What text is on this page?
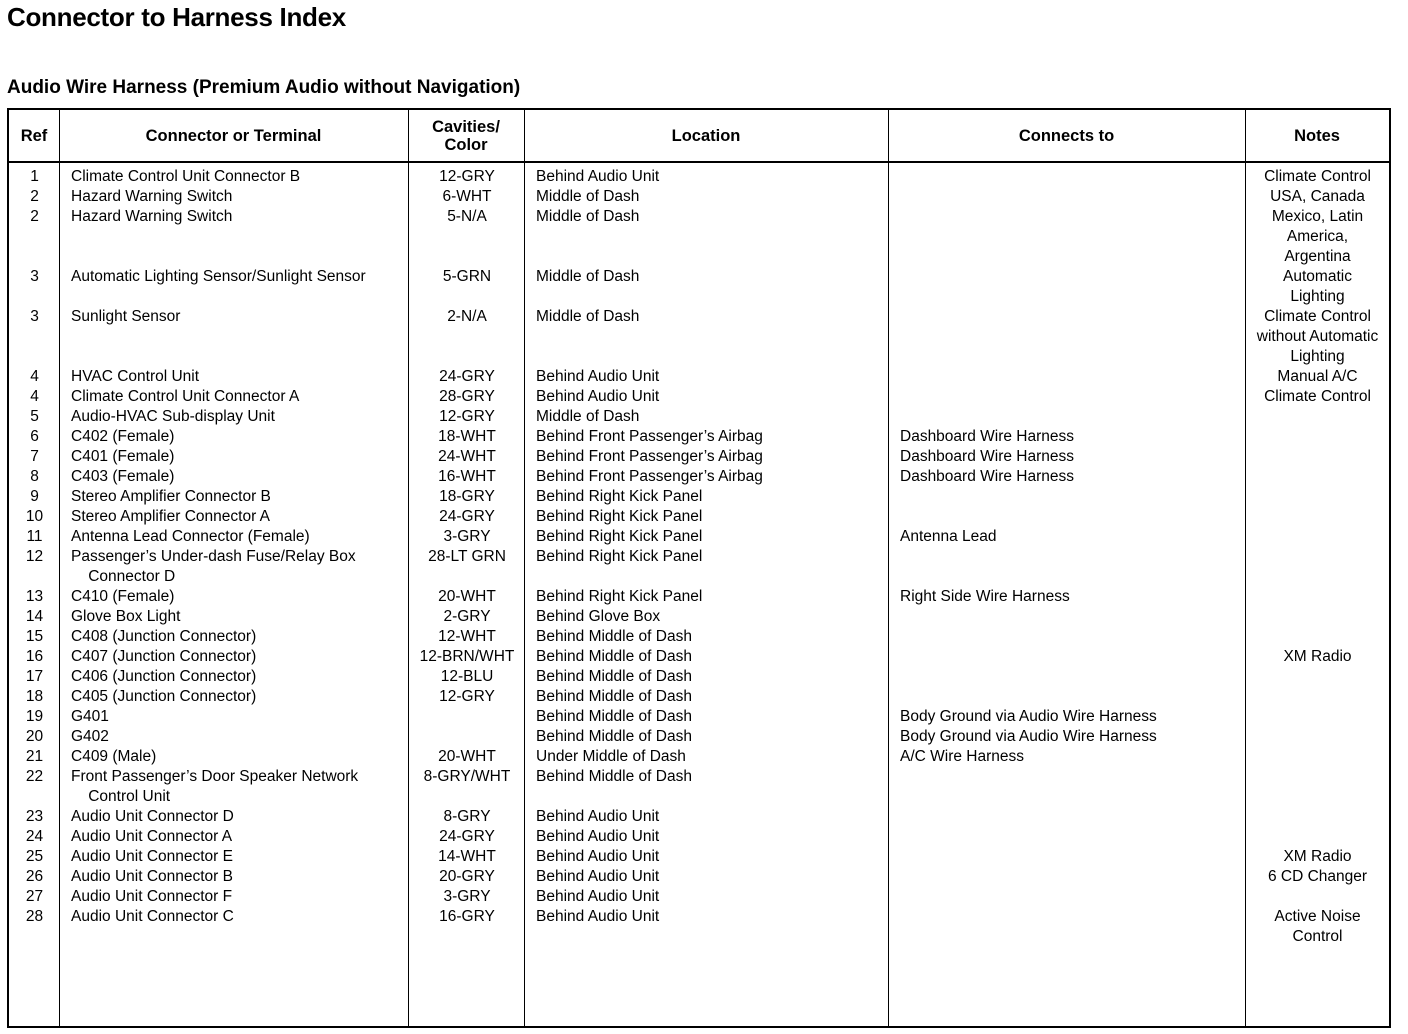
Connector to Harness Index
Audio Wire Harness (Premium Audio without Navigation)
Ref	Connector or Terminal	Cavities/
Color	Location	Connects to	Notes
1	Climate Control Unit Connector B	12-GRY	Behind Audio Unit		Climate Control
2	Hazard Warning Switch	6-WHT	Middle of Dash		USA, Canada
2	Hazard Warning Switch	5-N/A	Middle of Dash		Mexico, Latin
America,
Argentina
3	Automatic Lighting Sensor/Sunlight Sensor	5-GRN	Middle of Dash		Automatic
Lighting
3	Sunlight Sensor	2-N/A	Middle of Dash		Climate Control
without Automatic
Lighting
4	HVAC Control Unit	24-GRY	Behind Audio Unit		Manual A/C
4	Climate Control Unit Connector A	28-GRY	Behind Audio Unit		Climate Control
5	Audio-HVAC Sub-display Unit	12-GRY	Middle of Dash		
6	C402 (Female)	18-WHT	Behind Front Passenger’s Airbag	Dashboard Wire Harness	
7	C401 (Female)	24-WHT	Behind Front Passenger’s Airbag	Dashboard Wire Harness	
8	C403 (Female)	16-WHT	Behind Front Passenger’s Airbag	Dashboard Wire Harness	
9	Stereo Amplifier Connector B	18-GRY	Behind Right Kick Panel		
10	Stereo Amplifier Connector A	24-GRY	Behind Right Kick Panel		
11	Antenna Lead Connector (Female)	3-GRY	Behind Right Kick Panel	Antenna Lead	
12	Passenger’s Under-dash Fuse/Relay Box
Connector D	28-LT GRN	Behind Right Kick Panel		
13	C410 (Female)	20-WHT	Behind Right Kick Panel	Right Side Wire Harness	

14	Glove Box Light	2-GRY	Behind Glove Box		
15	C408 (Junction Connector)	12-WHT	Behind Middle of Dash		
16	C407 (Junction Connector)	12-BRN/WHT	Behind Middle of Dash		XM Radio
17	C406 (Junction Connector)	12-BLU	Behind Middle of Dash		
18	C405 (Junction Connector)	12-GRY	Behind Middle of Dash		
19	G401		Behind Middle of Dash	Body Ground via Audio Wire Harness	
20	G402		Behind Middle of Dash	Body Ground via Audio Wire Harness	
21	C409 (Male)	20-WHT	Under Middle of Dash	A/C Wire Harness	

22	Front Passenger’s Door Speaker Network
Control Unit	8-GRY/WHT	Behind Middle of Dash		
23	Audio Unit Connector D	8-GRY	Behind Audio Unit		
24	Audio Unit Connector A	24-GRY	Behind Audio Unit		
25	Audio Unit Connector E	14-WHT	Behind Audio Unit		XM Radio
26	Audio Unit Connector B	20-GRY	Behind Audio Unit		6 CD Changer
27	Audio Unit Connector F	3-GRY	Behind Audio Unit		
28	Audio Unit Connector C	16-GRY	Behind Audio Unit		Active Noise
Control
